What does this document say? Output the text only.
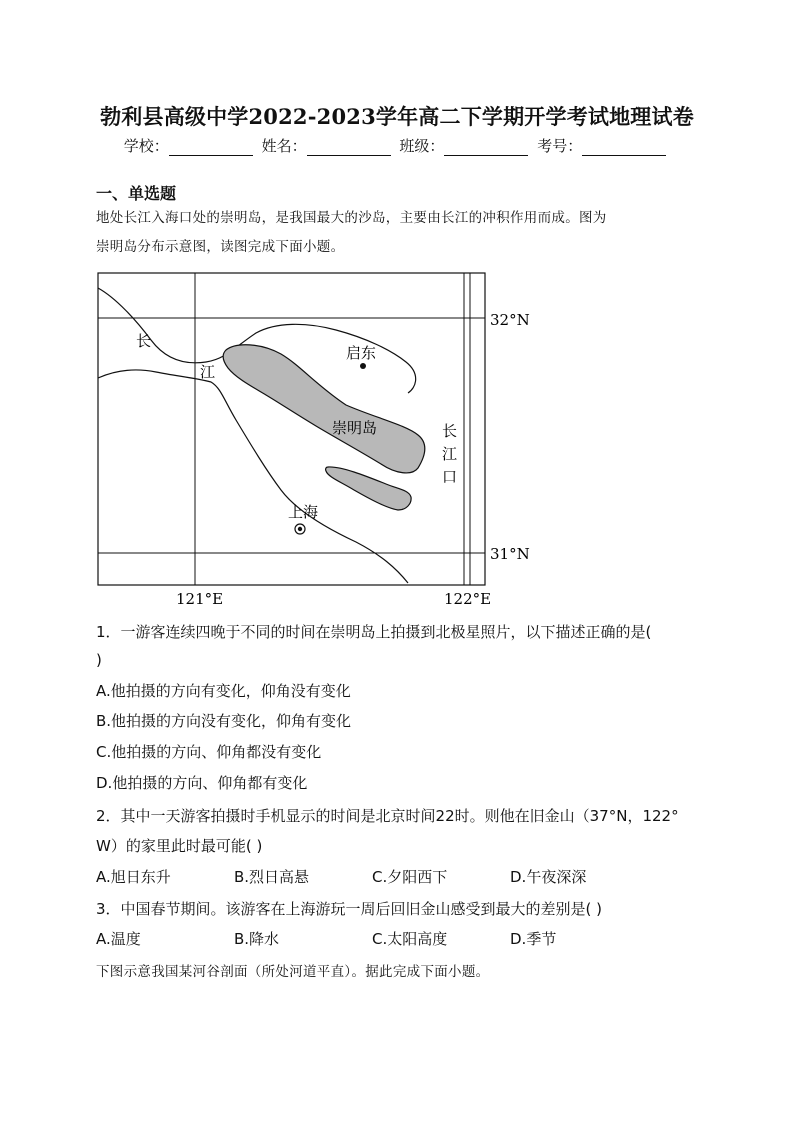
勃利县高级中学2022-2023学年高二下学期开学考试地理试卷
学校：	姓名：	班级：	考号：
一、单选题
地处长江入海口处的崇明岛，是我国最大的沙岛，主要由长江的冲积作用而成。图为
崇明岛分布示意图，读图完成下面小题。
32°N
31°N
121°E	122°E
长
江
启东
崇明岛	长
江
口
上海
1．一游客连续四晚于不同的时间在崇明岛上拍摄到北极星照片，以下描述正确的是(
)
A.他拍摄的方向有变化，仰角没有变化
B.他拍摄的方向没有变化，仰角有变化
C.他拍摄的方向、仰角都没有变化
D.他拍摄的方向、仰角都有变化
2．其中一天游客拍摄时手机显示的时间是北京时间22时。则他在旧金山（37°N，122°
W）的家里此时最可能( )
A.旭日东升	B.烈日高悬	C.夕阳西下	D.午夜深深
3．中国春节期间。该游客在上海游玩一周后回旧金山感受到最大的差别是( )
A.温度	B.降水	C.太阳高度	D.季节
下图示意我国某河谷剖面（所处河道平直）。据此完成下面小题。
